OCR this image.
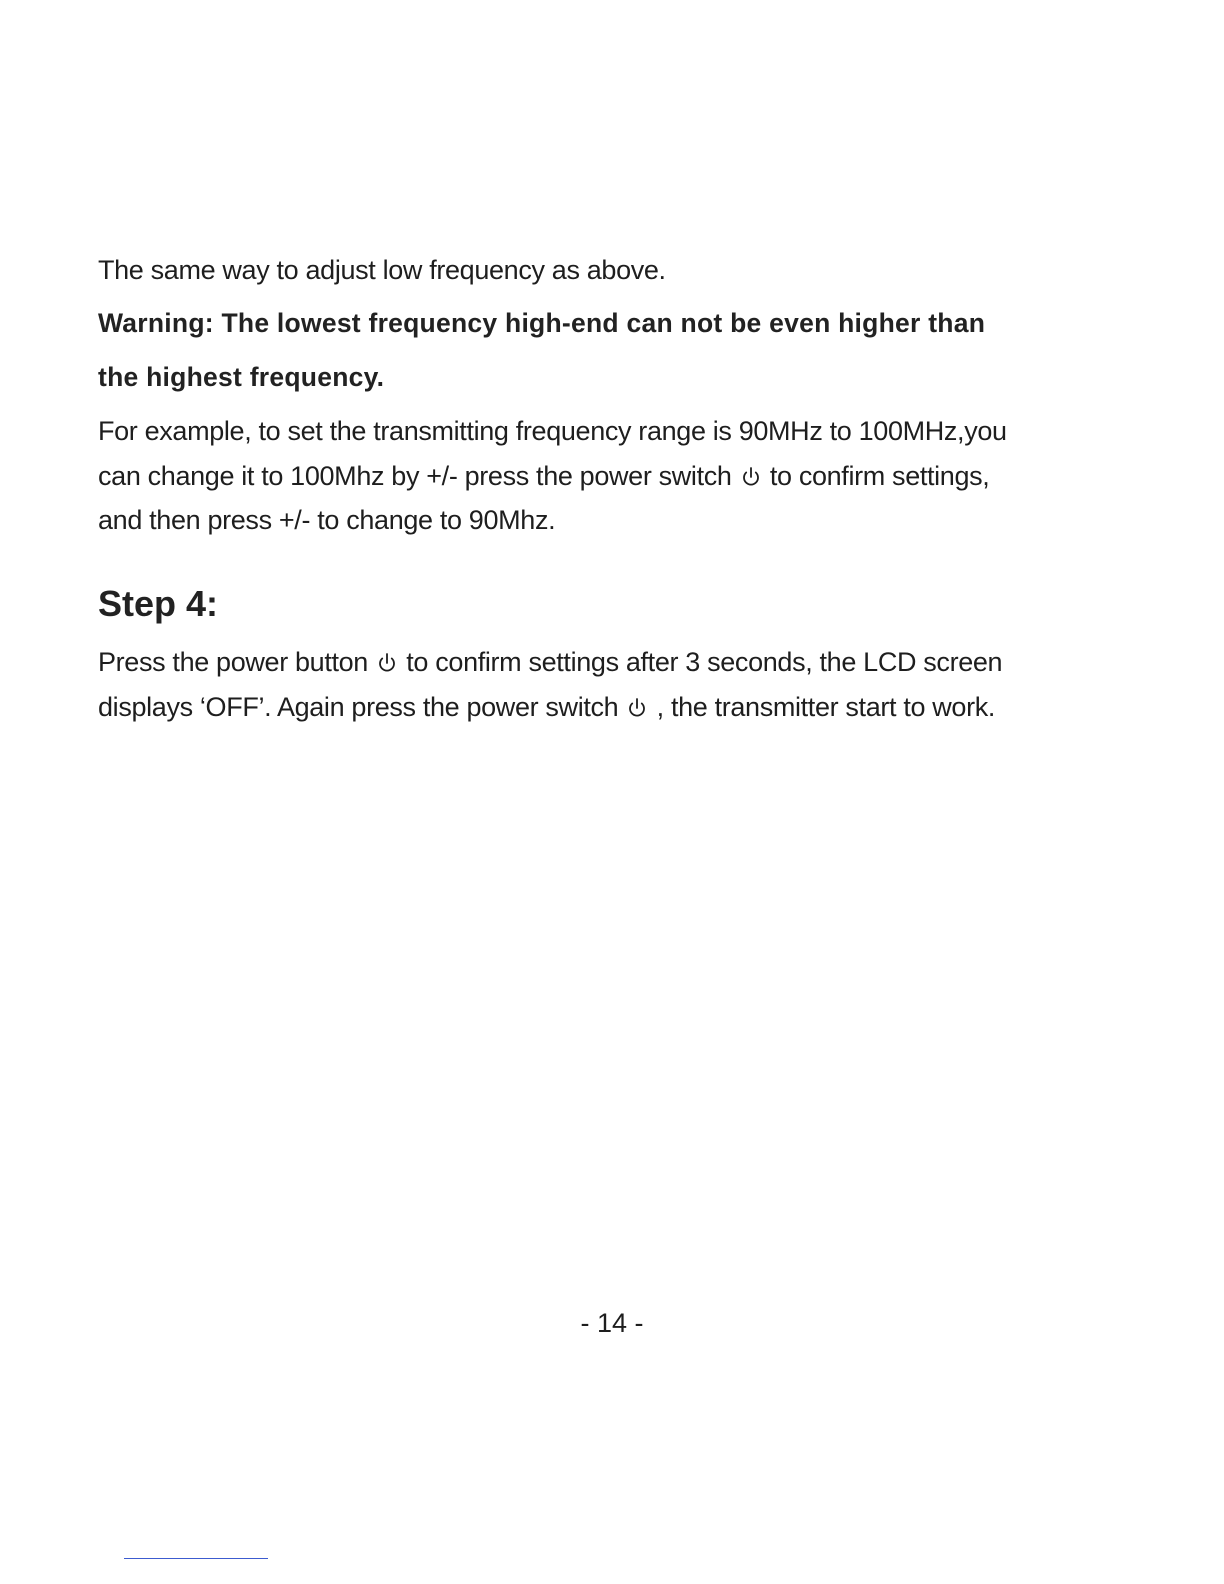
The same way to adjust low frequency as above.
Warning: The lowest frequency high-end can not be even higher than
the highest frequency.
For example, to set the transmitting frequency range is 90MHz to 100MHz,you
can change it to 100Mhz by +/- press the power switch to confirm settings,
and then press +/- to change to 90Mhz.
Step 4:
Press the power button to confirm settings after 3 seconds, the LCD screen
displays ‘OFF’. Again press the power switch , the transmitter start to work.
- 14 -
